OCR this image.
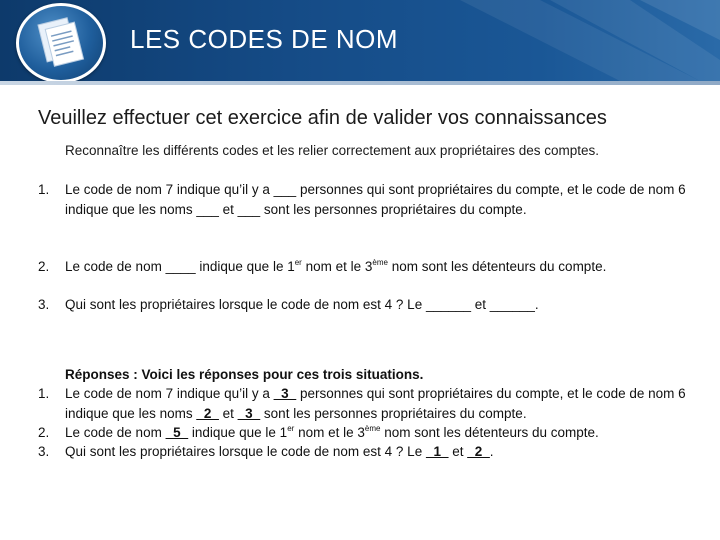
LES CODES DE NOM
Veuillez effectuer cet exercice afin de valider vos connaissances
Reconnaître les différents codes et les relier correctement aux propriétaires des comptes.
1.	Le code de nom 7 indique qu’il y a ___ personnes qui sont propriétaires du compte, et le code de nom 6 indique que les noms ___ et ___ sont les personnes propriétaires du compte.
2.	Le code de nom ____ indique que le 1er nom et le 3ème nom sont les détenteurs du compte.
3.	Qui sont les propriétaires lorsque le code de nom est 4 ? Le ______ et ______.
Réponses : Voici les réponses pour ces trois situations.
1.	Le code de nom 7 indique qu’il y a _3_ personnes qui sont propriétaires du compte, et le code de nom 6 indique que les noms _2_ et _3_ sont les personnes propriétaires du compte.
2.	Le code de nom _5_ indique que le 1er nom et le 3ème nom sont les détenteurs du compte.
3.	Qui sont les propriétaires lorsque le code de nom est 4 ? Le _1_ et _2_.
